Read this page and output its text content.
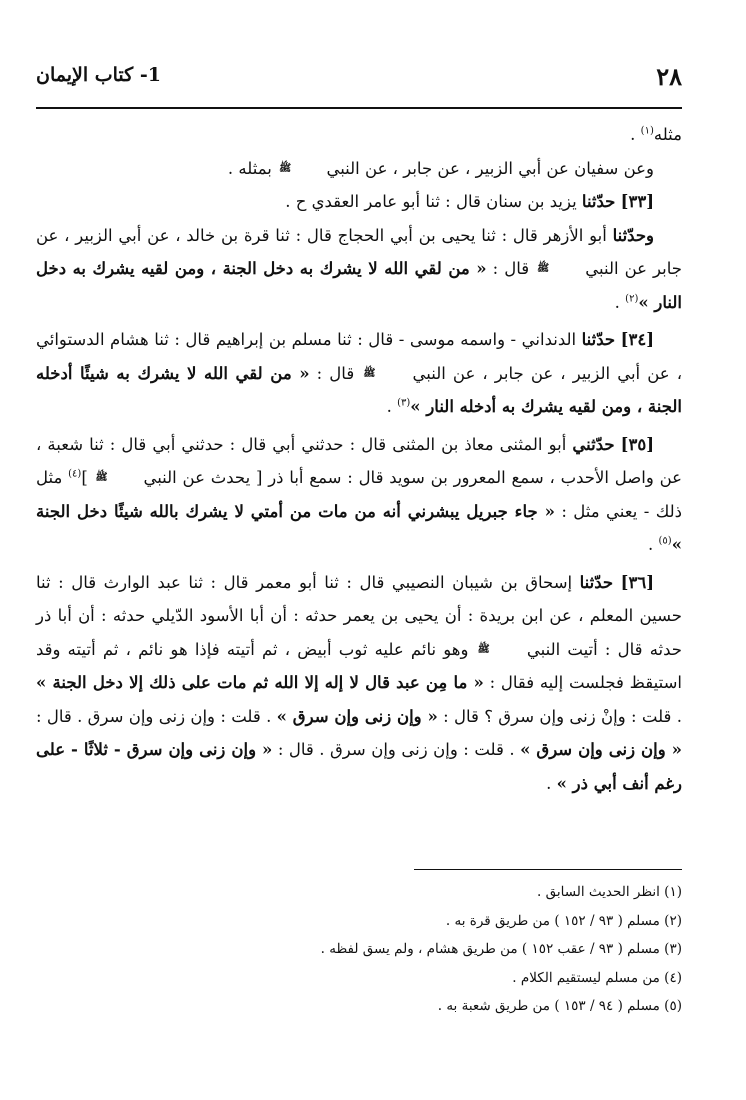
٢٨
1- كتاب الإيمان

مثله$^{(١)}$ .

وعن سفيان عن أبي الزبير ، عن جابر ، عن النبي ﷺ بمثله .

[٣٣] حدّثنا يزيد بن سنان قال : ثنا أبو عامر العقدي ح .

وحدّثنا أبو الأزهر قال : ثنا يحيى بن أبي الحجاج قال : ثنا قرة بن خالد ، عن أبي الزبير ، عن جابر عن النبي ﷺ قال : « من لقي الله لا يشرك به دخل الجنة ، ومن لقيه يشرك به دخل النار »$^{(٢)}$ .

[٣٤] حدّثنا الدنداني - واسمه موسى - قال : ثنا مسلم بن إبراهيم قال : ثنا هشام الدستوائي ، عن أبي الزبير ، عن جابر ، عن النبي ﷺ قال : « من لقي الله لا يشرك به شيئًا أدخله الجنة ، ومن لقيه يشرك به أدخله النار »$^{(٣)}$ .

[٣٥] حدّثني أبو المثنى معاذ بن المثنى قال : حدثني أبي قال : حدثني أبي قال : ثنا شعبة ، عن واصل الأحدب ، سمع المعرور بن سويد قال : سمع أبا ذر [ يحدث عن النبي ﷺ ]$^{(٤)}$ مثل ذلك - يعني مثل : « جاء جبريل يبشرني أنه من مات من أمتي لا يشرك بالله شيئًا دخل الجنة »$^{(٥)}$ .

[٣٦] حدّثنا إسحاق بن شيبان النصيبي قال : ثنا أبو معمر قال : ثنا عبد الوارث قال : ثنا حسين المعلم ، عن ابن بريدة : أن يحيى بن يعمر حدثه : أن أبا الأسود الدّيلي حدثه : أن أبا ذر حدثه قال : أتيت النبي ﷺ وهو نائم عليه ثوب أبيض ، ثم أتيته فإذا هو نائم ، ثم أتيته وقد استيقظ فجلست إليه فقال : « ما مِن عبد قال لا إله إلا الله ثم مات على ذلك إلا دخل الجنة » . قلت : وإنْ زنى وإن سرق ؟ قال : « وإن زنى وإن سرق » . قلت : وإن زنى وإن سرق . قال : « وإن زنى وإن سرق » . قلت : وإن زنى وإن سرق . قال : « وإن زنى وإن سرق - ثلاثًا - على رغم أنف أبي ذر » .

(١) انظر الحديث السابق .

(٢) مسلم ( ٩٣ / ١٥٢ ) من طريق قرة به .

(٣) مسلم ( ٩٣ / عقب ١٥٢ ) من طريق هشام ، ولم يسق لفظه .

(٤) من مسلم ليستقيم الكلام .

(٥) مسلم ( ٩٤ / ١٥٣ ) من طريق شعبة به .
